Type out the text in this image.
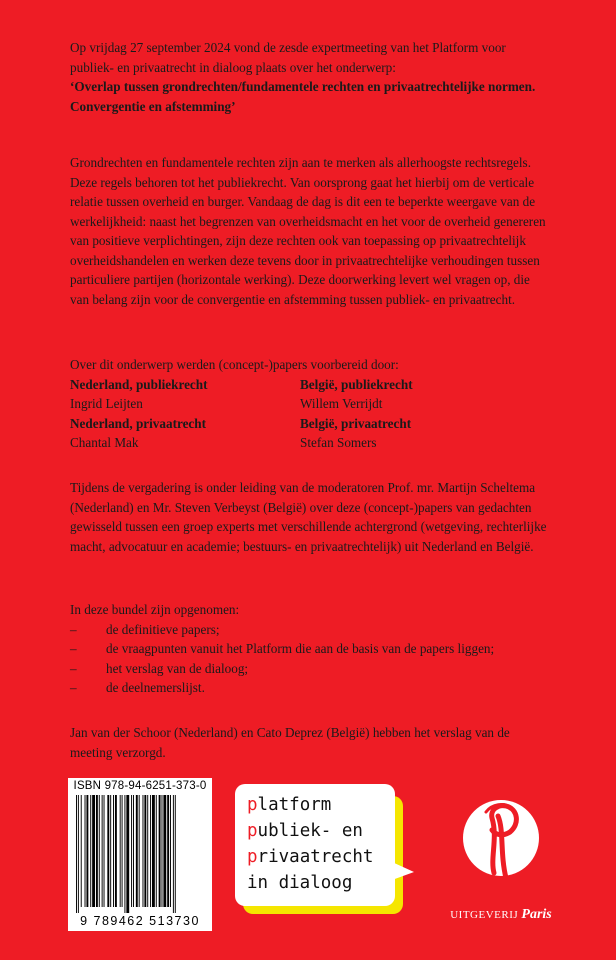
Op vrijdag 27 september 2024 vond de zesde expertmeeting van het Platform voor publiek- en privaatrecht in dialoog plaats over het onderwerp:

‘Overlap tussen grondrechten/fundamentele rechten en privaatrechtelijke normen. Convergentie en afstemming’

Grondrechten en fundamentele rechten zijn aan te merken als allerhoogste rechtsregels. Deze regels behoren tot het publiekrecht. Van oorsprong gaat het hierbij om de verticale relatie tussen overheid en burger. Vandaag de dag is dit een te beperkte weergave van de werkelijkheid: naast het begrenzen van overheidsmacht en het voor de overheid genereren van positieve verplichtingen, zijn deze rechten ook van toepassing op privaatrechtelijk overheidshandelen en werken deze tevens door in privaatrechtelijke verhoudingen tussen particuliere partijen (horizontale werking). Deze doorwerking levert wel vragen op, die van belang zijn voor de convergentie en afstemming tussen publiek- en privaatrecht.

Over dit onderwerp werden (concept-)papers voorbereid door:

Nederland, publiekrecht	België, publiekrecht
Ingrid Leijten	Willem Verrijdt
Nederland, privaatrecht	België, privaatrecht
Chantal Mak	Stefan Somers

Tijdens de vergadering is onder leiding van de moderatoren Prof. mr. Martijn Scheltema (Nederland) en Mr. Steven Verbeyst (België) over deze (concept-)papers van gedachten gewisseld tussen een groep experts met verschillende achtergrond (wetgeving, rechterlijke macht, advocatuur en academie; bestuurs- en privaatrechtelijk) uit Nederland en België.

In deze bundel zijn opgenomen:

–	de definitieve papers;
–	de vraagpunten vanuit het Platform die aan de basis van de papers liggen;
–	het verslag van de dialoog;
–	de deelnemerslijst.

Jan van der Schoor (Nederland) en Cato Deprez (België) hebben het verslag van de meeting verzorgd.

ISBN 978-94-6251-373-0
9 789462 513730
platform
publiek- en
privaatrecht
in dialoog
UITGEVERIJ Paris
